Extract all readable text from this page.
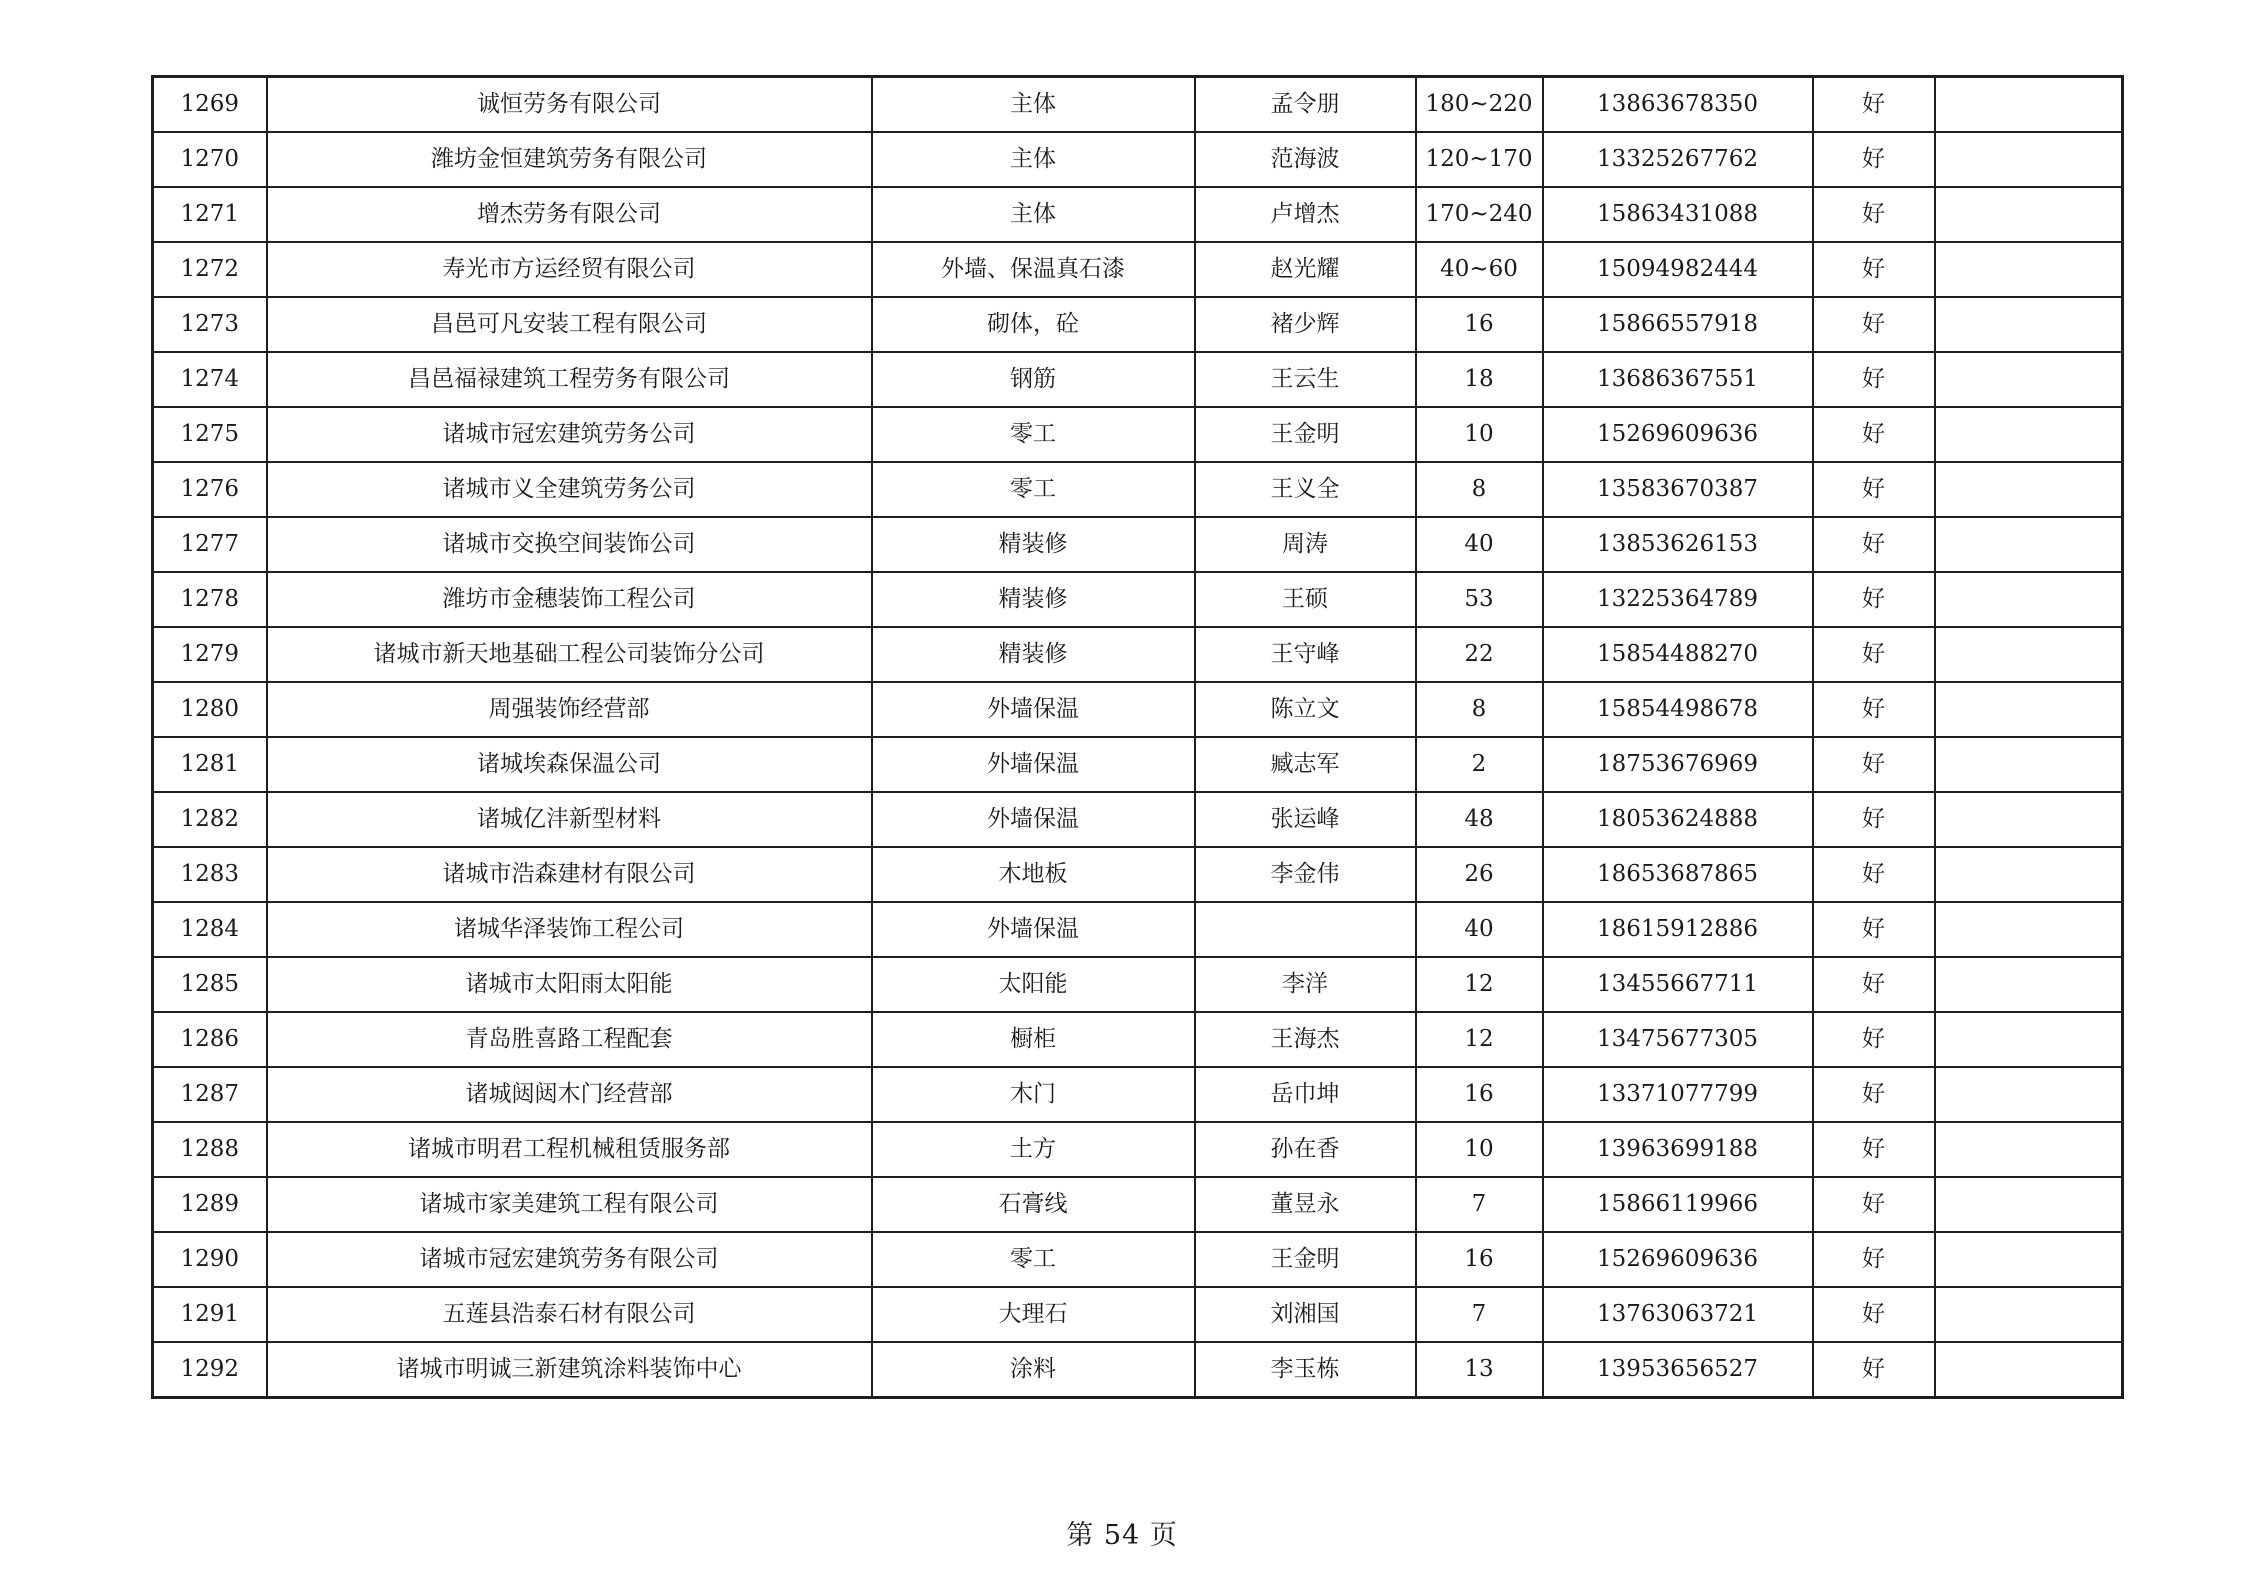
1269	诚恒劳务有限公司	主体	孟令朋	180~220	13863678350	好	
1270	潍坊金恒建筑劳务有限公司	主体	范海波	120~170	13325267762	好	
1271	增杰劳务有限公司	主体	卢增杰	170~240	15863431088	好	
1272	寿光市方运经贸有限公司	外墙、保温真石漆	赵光耀	40~60	15094982444	好	
1273	昌邑可凡安装工程有限公司	砌体，砼	褚少辉	16	15866557918	好	
1274	昌邑福禄建筑工程劳务有限公司	钢筋	王云生	18	13686367551	好	
1275	诸城市冠宏建筑劳务公司	零工	王金明	10	15269609636	好	
1276	诸城市义全建筑劳务公司	零工	王义全	8	13583670387	好	
1277	诸城市交换空间装饰公司	精装修	周涛	40	13853626153	好	
1278	潍坊市金穗装饰工程公司	精装修	王硕	53	13225364789	好	
1279	诸城市新天地基础工程公司装饰分公司	精装修	王守峰	22	15854488270	好	
1280	周强装饰经营部	外墙保温	陈立文	8	15854498678	好	
1281	诸城埃森保温公司	外墙保温	臧志军	2	18753676969	好	
1282	诸城亿沣新型材料	外墙保温	张运峰	48	18053624888	好	
1283	诸城市浩森建材有限公司	木地板	李金伟	26	18653687865	好	
1284	诸城华泽装饰工程公司	外墙保温		40	18615912886	好	
1285	诸城市太阳雨太阳能	太阳能	李洋	12	13455667711	好	
1286	青岛胜喜路工程配套	橱柜	王海杰	12	13475677305	好	
1287	诸城闼闼木门经营部	木门	岳巾坤	16	13371077799	好	
1288	诸城市明君工程机械租赁服务部	土方	孙在香	10	13963699188	好	
1289	诸城市家美建筑工程有限公司	石膏线	董昱永	7	15866119966	好	
1290	诸城市冠宏建筑劳务有限公司	零工	王金明	16	15269609636	好	
1291	五莲县浩泰石材有限公司	大理石	刘湘国	7	13763063721	好	
1292	诸城市明诚三新建筑涂料装饰中心	涂料	李玉栋	13	13953656527	好	
第 54 页
